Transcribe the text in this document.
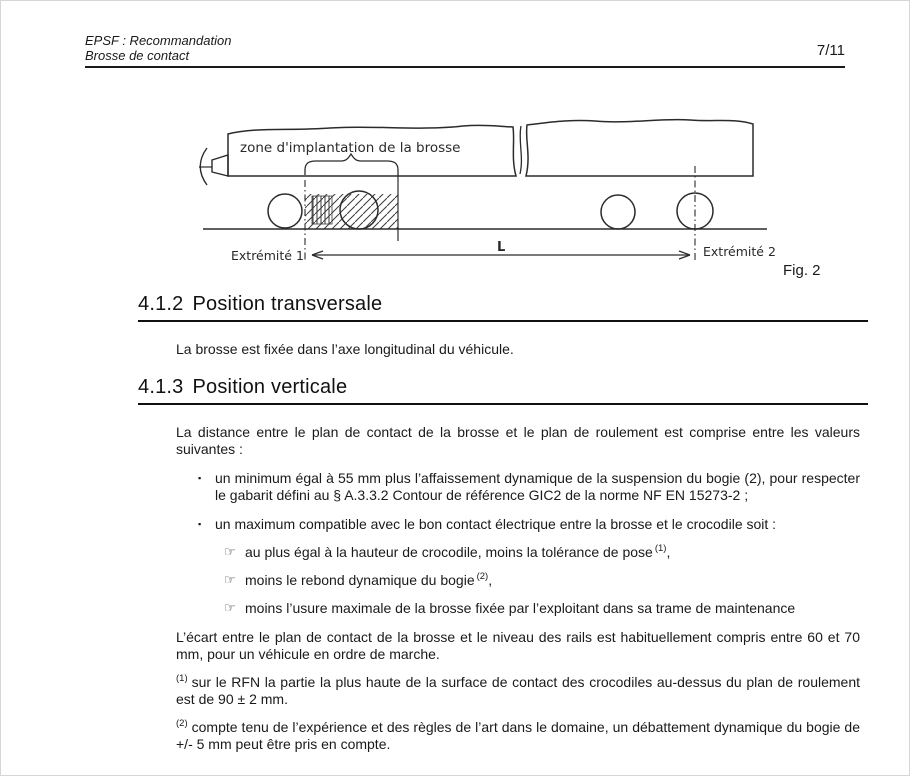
EPSF : Recommandation
Brosse de contact	7/11
zone d'implantation de la brosse
L
Extrémité 1	Extrémité 2
Fig. 2
4.1.2 Position transversale

La brosse est fixée dans l’axe longitudinal du véhicule.

4.1.3 Position verticale

La distance entre le plan de contact de la brosse et le plan de roulement est comprise entre les valeurs suivantes :

▪ un minimum égal à 55 mm plus l’affaissement dynamique de la suspension du bogie (2), pour respecter le gabarit défini au § A.3.3.2 Contour de référence GIC2 de la norme NF EN 15273-2 ;

▪ un maximum compatible avec le bon contact électrique entre la brosse et le crocodile soit :

☞ au plus égal à la hauteur de crocodile, moins la tolérance de pose $^{(1)}$,
☞ moins le rebond dynamique du bogie $^{(2)}$,
☞ moins l’usure maximale de la brosse fixée par l’exploitant dans sa trame de maintenance

L’écart entre le plan de contact de la brosse et le niveau des rails est habituellement compris entre 60 et 70 mm, pour un véhicule en ordre de marche.

$^{(1)}$ sur le RFN la partie la plus haute de la surface de contact des crocodiles au-dessus du plan de roulement est de 90 ± 2 mm.

$^{(2)}$ compte tenu de l’expérience et des règles de l’art dans le domaine, un débattement dynamique du bogie de +/- 5 mm peut être pris en compte.
